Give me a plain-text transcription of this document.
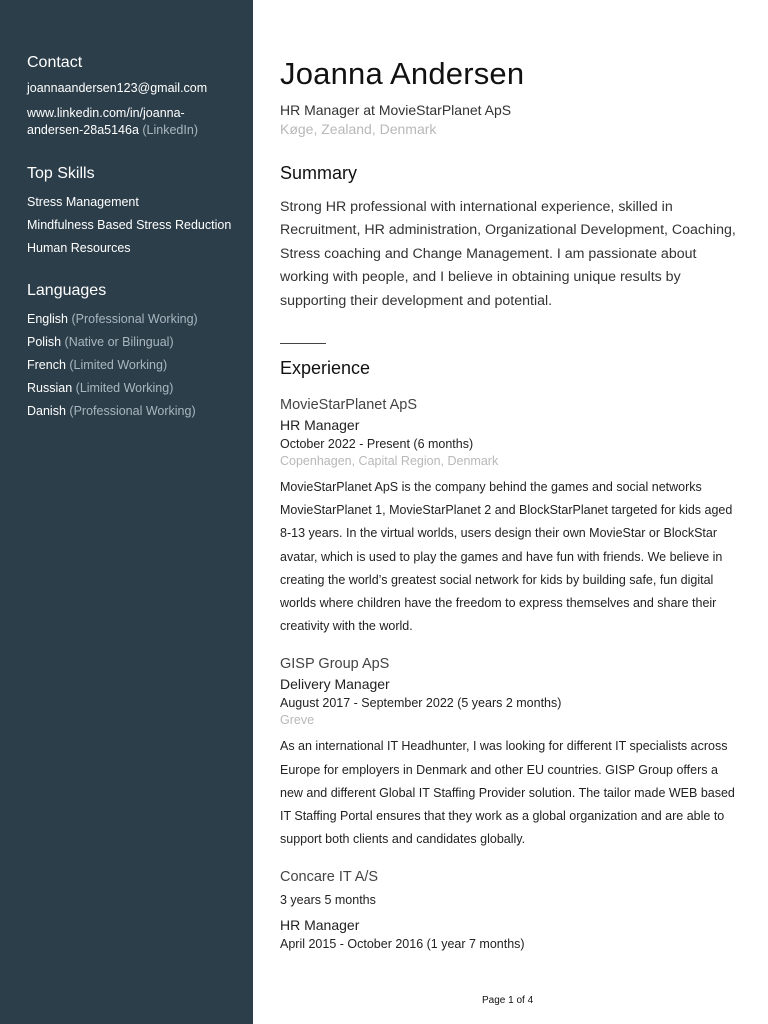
Contact
joannaandersen123@gmail.com
www.linkedin.com/in/joanna-
andersen-28a5146a (LinkedIn)
Top Skills
Stress Management
Mindfulness Based Stress Reduction
Human Resources
Languages
English (Professional Working)
Polish (Native or Bilingual)
French (Limited Working)
Russian (Limited Working)
Danish (Professional Working)
Joanna Andersen
HR Manager at MovieStarPlanet ApS
Køge, Zealand, Denmark
Summary
Strong HR professional with international experience, skilled in Recruitment, HR administration, Organizational Development, Coaching, Stress coaching and Change Management. I am passionate about working with people, and I believe in obtaining unique results by supporting their development and potential.
Experience
MovieStarPlanet ApS
HR Manager
October 2022 - Present (6 months)
Copenhagen, Capital Region, Denmark
MovieStarPlanet ApS is the company behind the games and social networks MovieStarPlanet 1, MovieStarPlanet 2 and BlockStarPlanet targeted for kids aged 8-13 years. In the virtual worlds, users design their own MovieStar or BlockStar avatar, which is used to play the games and have fun with friends. We believe in creating the world’s greatest social network for kids by building safe, fun digital worlds where children have the freedom to express themselves and share their creativity with the world.
GISP Group ApS
Delivery Manager
August 2017 - September 2022 (5 years 2 months)
Greve
As an international IT Headhunter, I was looking for different IT specialists across Europe for employers in Denmark and other EU countries. GISP Group offers a new and different Global IT Staffing Provider solution. The tailor made WEB based IT Staffing Portal ensures that they work as a global organization and are able to support both clients and candidates globally.
Concare IT A/S
3 years 5 months
HR Manager
April 2015 - October 2016 (1 year 7 months)
Page 1 of 4
